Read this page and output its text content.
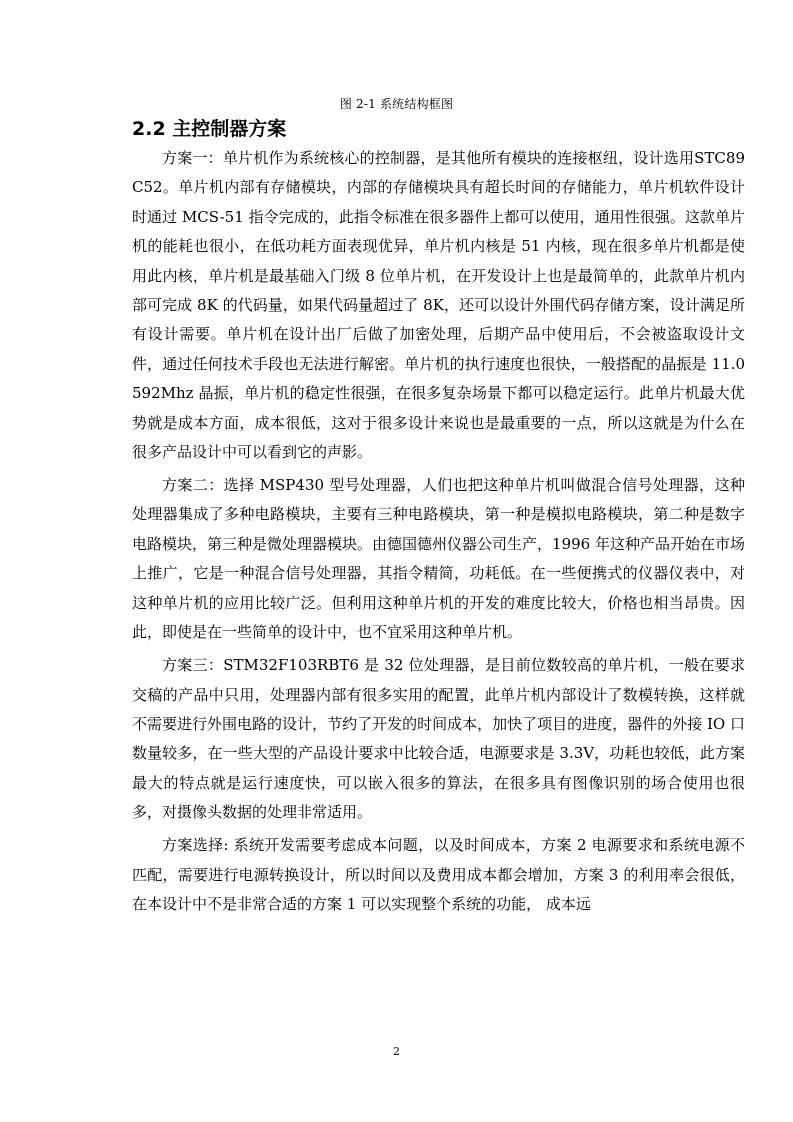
图 2-1 系统结构框图
2.2 主控制器方案

方案一：单片机作为系统核心的控制器，是其他所有模块的连接枢纽，设计选用STC89C52。单片机内部有存储模块，内部的存储模块具有超长时间的存储能力，单片机软件设计时通过 MCS-51 指令完成的，此指令标准在很多器件上都可以使用，通用性很强。这款单片机的能耗也很小，在低功耗方面表现优异，单片机内核是 51 内核，现在很多单片机都是使用此内核，单片机是最基础入门级 8 位单片机，在开发设计上也是最简单的，此款单片机内部可完成 8K 的代码量，如果代码量超过了 8K，还可以设计外围代码存储方案，设计满足所有设计需要。单片机在设计出厂后做了加密处理，后期产品中使用后，不会被盗取设计文件，通过任何技术手段也无法进行解密。单片机的执行速度也很快，一般搭配的晶振是 11.0592Mhz 晶振，单片机的稳定性很强，在很多复杂场景下都可以稳定运行。此单片机最大优势就是成本方面，成本很低，这对于很多设计来说也是最重要的一点，所以这就是为什么在很多产品设计中可以看到它的声影。

方案二：选择 MSP430 型号处理器，人们也把这种单片机叫做混合信号处理器，这种处理器集成了多种电路模块，主要有三种电路模块，第一种是模拟电路模块，第二种是数字电路模块，第三种是微处理器模块。由德国德州仪器公司生产，1996 年这种产品开始在市场上推广，它是一种混合信号处理器，其指令精简，功耗低。在一些便携式的仪器仪表中，对这种单片机的应用比较广泛。但利用这种单片机的开发的难度比较大，价格也相当昂贵。因此，即使是在一些简单的设计中，也不宜采用这种单片机。

方案三：STM32F103RBT6 是 32 位处理器，是目前位数较高的单片机，一般在要求交稿的产品中只用，处理器内部有很多实用的配置，此单片机内部设计了数模转换，这样就不需要进行外围电路的设计，节约了开发的时间成本，加快了项目的进度，器件的外接 IO 口数量较多，在一些大型的产品设计要求中比较合适，电源要求是 3.3V，功耗也较低，此方案最大的特点就是运行速度快，可以嵌入很多的算法，在很多具有图像识别的场合使用也很多，对摄像头数据的处理非常适用。

方案选择: 系统开发需要考虑成本问题，以及时间成本，方案 2 电源要求和系统电源不匹配，需要进行电源转换设计，所以时间以及费用成本都会增加，方案 3 的利用率会很低，在本设计中不是非常合适的方案 1 可以实现整个系统的功能， 成本远

2
